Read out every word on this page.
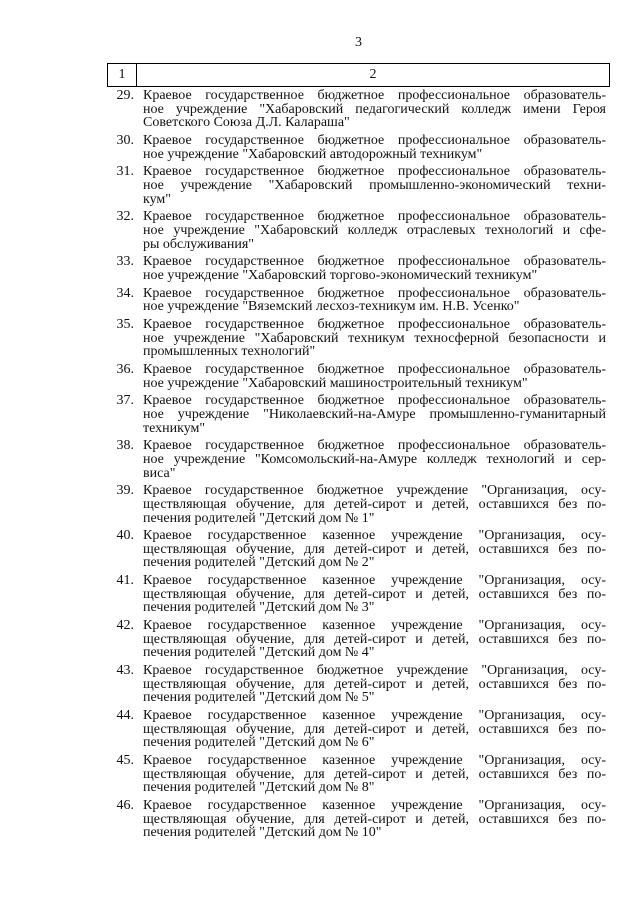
3
1	2
29. Краевое государственное бюджетное профессиональное образователь-
ное учреждение "Хабаровский педагогический колледж имени Героя
Советского Союза Д.Л. Калараша"
30. Краевое государственное бюджетное профессиональное образователь-
ное учреждение "Хабаровский автодорожный техникум"
31. Краевое государственное бюджетное профессиональное образователь-
ное учреждение "Хабаровский промышленно-экономический техни-
кум"
32. Краевое государственное бюджетное профессиональное образователь-
ное учреждение "Хабаровский колледж отраслевых технологий и сфе-
ры обслуживания"
33. Краевое государственное бюджетное профессиональное образователь-
ное учреждение "Хабаровский торгово-экономический техникум"
34. Краевое государственное бюджетное профессиональное образователь-
ное учреждение "Вяземский лесхоз-техникум им. Н.В. Усенко"
35. Краевое государственное бюджетное профессиональное образователь-
ное учреждение "Хабаровский техникум техносферной безопасности и
промышленных технологий"
36. Краевое государственное бюджетное профессиональное образователь-
ное учреждение "Хабаровский машиностроительный техникум"
37. Краевое государственное бюджетное профессиональное образователь-
ное учреждение "Николаевский-на-Амуре промышленно-гуманитарный
техникум"
38. Краевое государственное бюджетное профессиональное образователь-
ное учреждение "Комсомольский-на-Амуре колледж технологий и сер-
виса"
39. Краевое государственное бюджетное учреждение "Организация, осу-
ществляющая обучение, для детей-сирот и детей, оставшихся без по-
печения родителей "Детский дом № 1"
40. Краевое государственное казенное учреждение "Организация, осу-
ществляющая обучение, для детей-сирот и детей, оставшихся без по-
печения родителей "Детский дом № 2"
41. Краевое государственное казенное учреждение "Организация, осу-
ществляющая обучение, для детей-сирот и детей, оставшихся без по-
печения родителей "Детский дом № 3"
42. Краевое государственное казенное учреждение "Организация, осу-
ществляющая обучение, для детей-сирот и детей, оставшихся без по-
печения родителей "Детский дом № 4"
43. Краевое государственное бюджетное учреждение "Организация, осу-
ществляющая обучение, для детей-сирот и детей, оставшихся без по-
печения родителей "Детский дом № 5"
44. Краевое государственное казенное учреждение "Организация, осу-
ществляющая обучение, для детей-сирот и детей, оставшихся без по-
печения родителей "Детский дом № 6"
45. Краевое государственное казенное учреждение "Организация, осу-
ществляющая обучение, для детей-сирот и детей, оставшихся без по-
печения родителей "Детский дом № 8"
46. Краевое государственное казенное учреждение "Организация, осу-
ществляющая обучение, для детей-сирот и детей, оставшихся без по-
печения родителей "Детский дом № 10"
